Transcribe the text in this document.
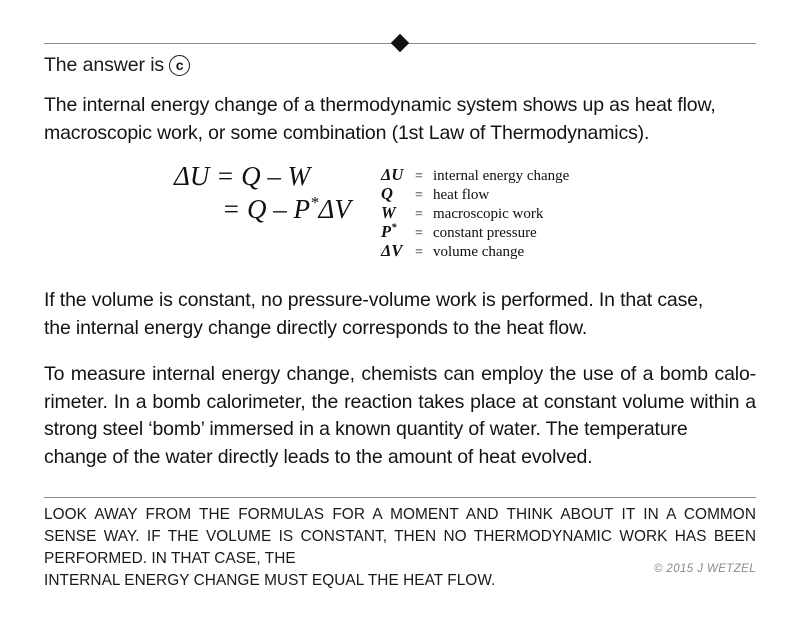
The answer is c
The internal energy change of a thermodynamic system shows up as heat flow,
macroscopic work, or some combination (1st Law of Thermodynamics).
ΔU = Q – W
= Q – P*ΔV
ΔU = internal energy change
Q	= heat flow
W	= macroscopic work
P*	= constant pressure
ΔV = volume change
If the volume is constant, no pressure-volume work is performed. In that case,
the internal energy change directly corresponds to the heat flow.
To measure internal energy change, chemists can employ the use of a bomb calo-rimeter. In a bomb calorimeter, the reaction takes place at constant volume within a strong steel ‘bomb’ immersed in a known quantity of water. The temperature
change of the water directly leads to the amount of heat evolved.
LOOK AWAY FROM THE FORMULAS FOR A MOMENT AND THINK ABOUT IT IN A COMMON SENSE WAY. IF THE VOLUME IS CONSTANT, THEN NO THERMODYNAMIC WORK HAS BEEN PERFORMED. IN THAT CASE, THE
INTERNAL ENERGY CHANGE MUST EQUAL THE HEAT FLOW.
© 2015 J WETZEL
